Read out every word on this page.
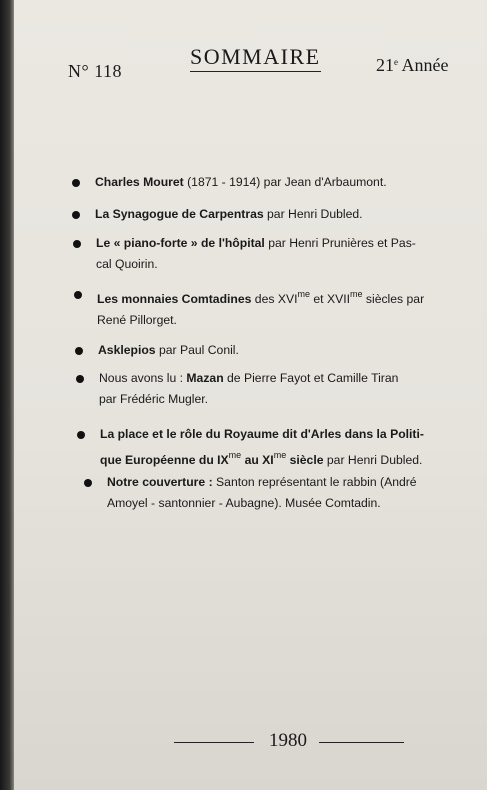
N° 118
SOMMAIRE	21e Année
Charles Mouret (1871 - 1914) par Jean d'Arbaumont.
La Synagogue de Carpentras par Henri Dubled.
Le « piano-forte » de l'hôpital par Henri Prunières et Pas-
cal Quoirin.
Les monnaies Comtadines des $XVI^{me}$ et $XVII^{me}$ siècles par
René Pillorget.
Asklepios par Paul Conil.
Nous avons lu : Mazan de Pierre Fayot et Camille Tiran
par Frédéric Mugler.
La place et le rôle du Royaume dit d'Arles dans la Politi-
que Européenne du $IX^{me}$ au $XI^{me}$ siècle par Henri Dubled.
Notre couverture : Santon représentant le rabbin (André
Amoyel - santonnier - Aubagne). Musée Comtadin.
1980
